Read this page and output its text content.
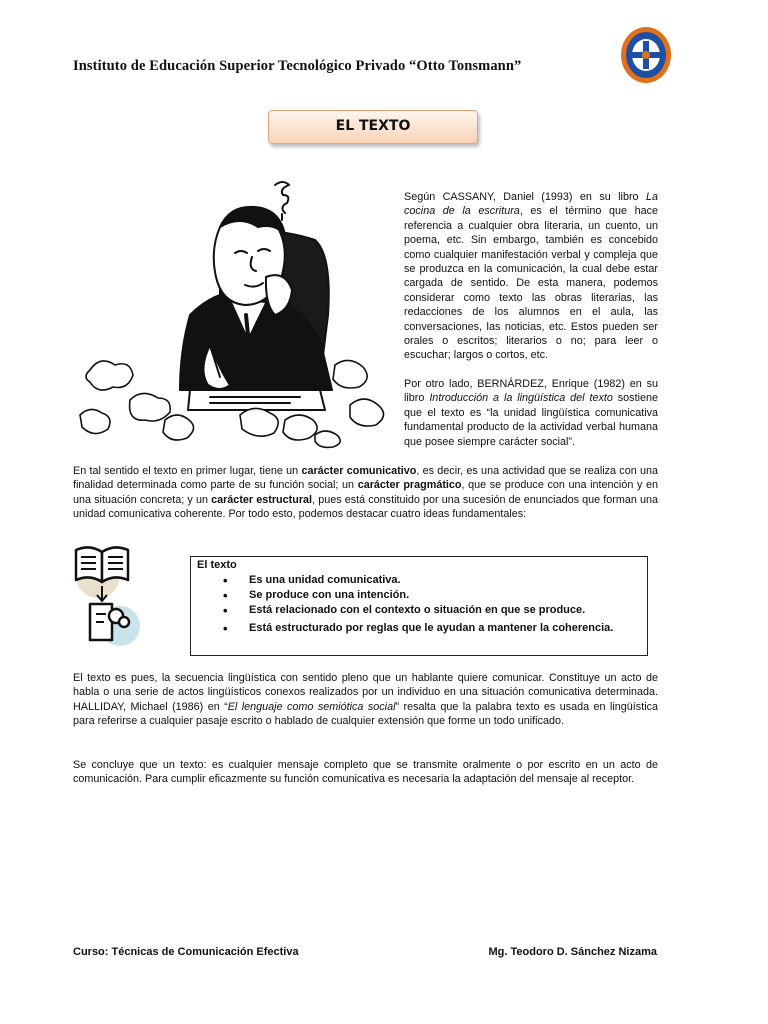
Instituto de Educación Superior Tecnológico Privado “Otto Tonsmann”
EL TEXTO

Según CASSANY, Daniel (1993) en su libro La cocina de la escritura, es el término que hace referencia a cualquier obra literaria, un cuento, un poema, etc. Sin embargo, también es concebido como cualquier manifestación verbal y compleja que se produzca en la comunicación, la cual debe estar cargada de sentido. De esta manera, podemos considerar como texto las obras literarias, las redacciones de los alumnos en el aula, las conversaciones, las noticias, etc. Estos pueden ser orales o escritos; literarios o no; para leer o escuchar; largos o cortos, etc.

Por otro lado, BERNÁRDEZ, Enrique (1982) en su libro Introducción a la lingüística del texto sostiene que el texto es “la unidad lingüística comunicativa fundamental producto de la actividad verbal humana que posee siempre carácter social”.

En tal sentido el texto en primer lugar, tiene un carácter comunicativo, es decir, es una actividad que se realiza con una finalidad determinada como parte de su función social; un carácter pragmático, que se produce con una intención y en una situación concreta; y un carácter estructural, pues está constituido por una sucesión de enunciados que forman una unidad comunicativa coherente. Por todo esto, podemos destacar cuatro ideas fundamentales:

El texto
• Es una unidad comunicativa.
• Se produce con una intención.
• Está relacionado con el contexto o situación en que se produce.
• Está estructurado por reglas que le ayudan a mantener la coherencia.

El texto es pues, la secuencia lingüística con sentido pleno que un hablante quiere comunicar. Constituye un acto de habla o una serie de actos lingüísticos conexos realizados por un individuo en una situación comunicativa determinada. HALLIDAY, Michael (1986) en “El lenguaje como semiótica social” resalta que la palabra texto es usada en lingüística para referirse a cualquier pasaje escrito o hablado de cualquier extensión que forme un todo unificado.

Se concluye que un texto: es cualquier mensaje completo que se transmite oralmente o por escrito en un acto de comunicación. Para cumplir eficazmente su función comunicativa es necesaria la adaptación del mensaje al receptor.

Curso: Técnicas de Comunicación Efectiva	Mg. Teodoro D. Sánchez Nizama
